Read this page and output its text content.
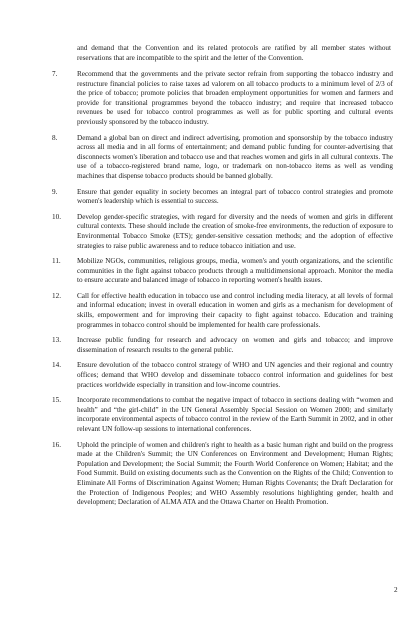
and demand that the Convention and its related protocols are ratified by all member states without reservations that are incompatible to the spirit and the letter of the Convention.
7.	Recommend that the governments and the private sector refrain from supporting the tobacco industry and restructure financial policies to raise taxes ad valorem on all tobacco products to a minimum level of 2/3 of the price of tobacco; promote policies that broaden employment opportunities for women and farmers and provide for transitional programmes beyond the tobacco industry; and require that increased tobacco revenues be used for tobacco control programmes as well as for public sporting and cultural events previously sponsored by the tobacco industry.
8.	Demand a global ban on direct and indirect advertising, promotion and sponsorship by the tobacco industry across all media and in all forms of entertainment; and demand public funding for counter-advertising that disconnects women's liberation and tobacco use and that reaches women and girls in all cultural contexts. The use of a tobacco-registered brand name, logo, or trademark on non-tobacco items as well as vending machines that dispense tobacco products should be banned globally.
9.	Ensure that gender equality in society becomes an integral part of tobacco control strategies and promote women's leadership which is essential to success.
10.	Develop gender-specific strategies, with regard for diversity and the needs of women and girls in different cultural contexts. These should include the creation of smoke-free environments, the reduction of exposure to Environmental Tobacco Smoke (ETS); gender-sensitive cessation methods; and the adoption of effective strategies to raise public awareness and to reduce tobacco initiation and use.
11.	Mobilize NGOs, communities, religious groups, media, women's and youth organizations, and the scientific communities in the fight against tobacco products through a multidimensional approach. Monitor the media to ensure accurate and balanced image of tobacco in reporting women's health issues.
12.	Call for effective health education in tobacco use and control including media literacy, at all levels of formal and informal education; invest in overall education in women and girls as a mechanism for development of skills, empowerment and for improving their capacity to fight against tobacco. Education and training programmes in tobacco control should be implemented for health care professionals.
13.	Increase public funding for research and advocacy on women and girls and tobacco; and improve dissemination of research results to the general public.
14.	Ensure devolution of the tobacco control strategy of WHO and UN agencies and their regional and country offices; demand that WHO develop and disseminate tobacco control information and guidelines for best practices worldwide especially in transition and low-income countries.
15.	Incorporate recommendations to combat the negative impact of tobacco in sections dealing with “women and health” and “the girl-child” in the UN General Assembly Special Session on Women 2000; and similarly incorporate environmental aspects of tobacco control in the review of the Earth Summit in 2002, and in other relevant UN follow-up sessions to international conferences.
16.	Uphold the principle of women and children's right to health as a basic human right and build on the progress made at the Children's Summit; the UN Conferences on Environment and Development; Human Rights; Population and Development; the Social Summit; the Fourth World Conference on Women; Habitat; and the Food Summit. Build on existing documents such as the Convention on the Rights of the Child; Convention to Eliminate All Forms of Discrimination Against Women; Human Rights Covenants; the Draft Declaration for the Protection of Indigenous Peoples; and WHO Assembly resolutions highlighting gender, health and development; Declaration of ALMA ATA and the Ottawa Charter on Health Promotion.
2
